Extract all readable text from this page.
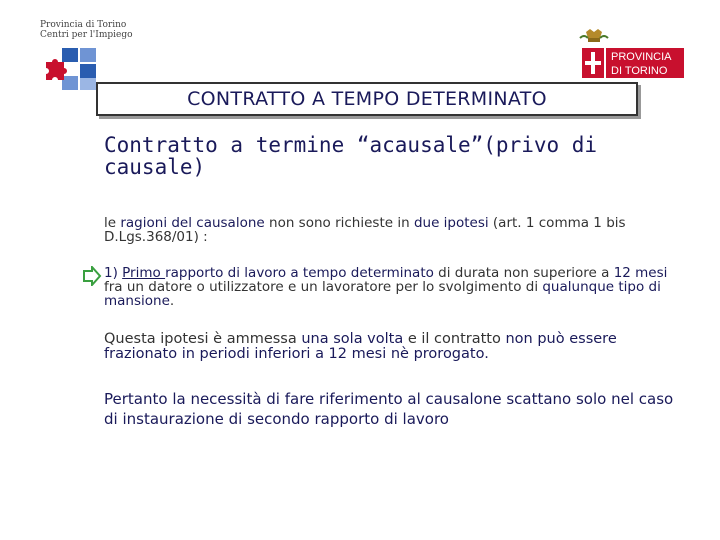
Provincia di Torino
Centri per l'Impiego
PROVINCIA
DI TORINO
CONTRATTO A TEMPO DETERMINATO
Contratto a termine “acausale”(privo di causale)
le ragioni del causalone non sono richieste in due ipotesi (art. 1 comma 1 bis D.Lgs.368/01) :
1) Primo rapporto di lavoro a tempo determinato di durata non superiore a 12 mesi fra un datore o utilizzatore e un lavoratore per lo svolgimento di qualunque tipo di mansione.
Questa ipotesi è ammessa una sola volta e il contratto non può essere frazionato in periodi inferiori a 12 mesi nè prorogato.
Pertanto la necessità di fare riferimento al causalone scattano solo nel caso di instaurazione di secondo rapporto di lavoro
